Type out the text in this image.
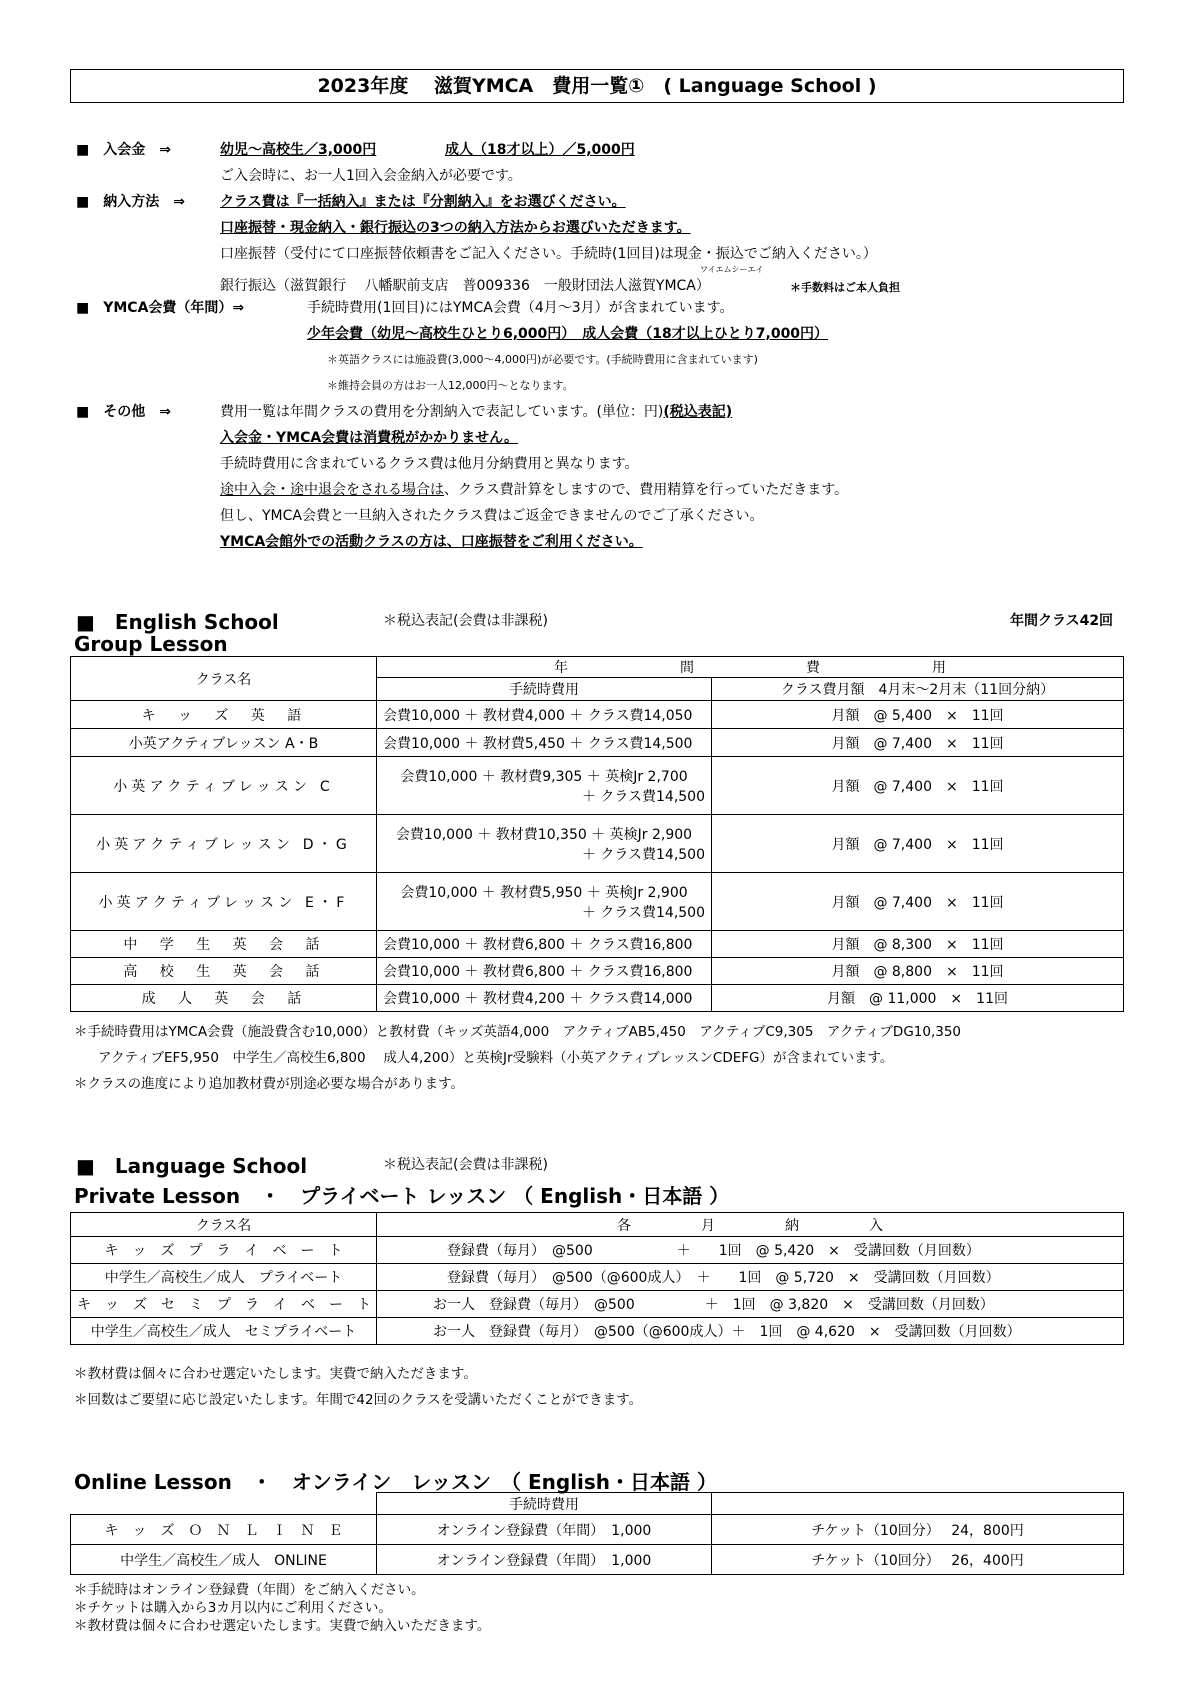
2023年度　 滋賀YMCA　費用一覧①　( Language School )
■　入会金　⇒	幼児～高校生／3,000円	成人（18才以上）／5,000円
ご入会時に、お一人1回入会金納入が必要です。
■　納入方法　⇒	クラス費は『一括納入』または『分割納入』をお選びください。
口座振替・現金納入・銀行振込の3つの納入方法からお選びいただきます。
口座振替（受付にて口座振替依頼書をご記入ください。手続時(1回目)は現金・振込でご納入ください。）
ワイエムシーエイ
銀行振込（滋賀銀行　 八幡駅前支店　普009336　一般財団法人滋賀YMCA）	＊手数料はご本人負担
■　YMCA会費（年間）⇒	手続時費用(1回目)にはYMCA会費（4月～3月）が含まれています。
少年会費（幼児～高校生ひとり6,000円）　成人会費（18才以上ひとり7,000円）
＊英語クラスには施設費(3,000～4,000円)が必要です。(手続時費用に含まれています)
＊維持会員の方はお一人12,000円～となります。
■　その他　⇒	費用一覧は年間クラスの費用を分割納入で表記しています。(単位：円)(税込表記)
入会金・YMCA会費は消費税がかかりません。
手続時費用に含まれているクラス費は他月分納費用と異なります。
途中入会・途中退会をされる場合は、クラス費計算をしますので、費用精算を行っていただきます。
但し、YMCA会費と一旦納入されたクラス費はご返金できませんのでご了承ください。
YMCA会館外での活動クラスの方は、口座振替をご利用ください。
■　English School	＊税込表記(会費は非課税)	年間クラス42回
Group Lesson
クラス名	年　　　　　　　　間　　　　　　　　費　　　　　　　　用	
	手続時費用	クラス費月額　4月末～2月末（11回分納）
キ　ッ　ズ　英　語	会費10,000 ＋ 教材費4,000 ＋ クラス費14,050	月額　@ 5,400　×　11回
小英アクティブレッスン A・B	会費10,000 ＋ 教材費5,450 ＋ クラス費14,500	月額　@ 7,400　×　11回
小英アクティブレッスン C	会費10,000 ＋ 教材費9,305 ＋ 英検Jr 2,700
＋ クラス費14,500	月額　@ 7,400　×　11回
小英アクティブレッスン D・G	会費10,000 ＋ 教材費10,350 ＋ 英検Jr 2,900
＋ クラス費14,500	月額　@ 7,400　×　11回
小英アクティブレッスン E・F	会費10,000 ＋ 教材費5,950 ＋ 英検Jr 2,900
＋ クラス費14,500	月額　@ 7,400　×　11回
中　学　生　英　会　話	会費10,000 ＋ 教材費6,800 ＋ クラス費16,800	月額　@ 8,300　×　11回
高　校　生　英　会　話	会費10,000 ＋ 教材費6,800 ＋ クラス費16,800	月額　@ 8,800　×　11回
成　人　英　会　話	会費10,000 ＋ 教材費4,200 ＋ クラス費14,000	月額　@ 11,000　×　11回
＊手続時費用はYMCA会費（施設費含む10,000）と教材費（キッズ英語4,000　アクティブAB5,450　アクティブC9,305　アクティブDG10,350
アクティブEF5,950　中学生／高校生6,800　 成人4,200）と英検Jr受験料（小英アクティブレッスンCDEFG）が含まれています。
＊クラスの進度により追加教材費が別途必要な場合があります。
■　Language School	＊税込表記(会費は非課税)
Private Lesson　・　プライベート レッスン （ English・日本語 ）
クラス名	各　　　　　月　　　　　納　　　　　入
キ　ッ　ズ　プ　ラ　イ　ベ　ー　ト	登録費（毎月）　@500　　　　　　＋　　1回　@ 5,420　×　受講回数（月回数）
中学生／高校生／成人　プライベート	登録費（毎月）　@500（@600成人）　＋　　1回　@ 5,720　×　受講回数（月回数）
キ　ッ　ズ　セ　ミ　プ　ラ　イ　ベ　ー　ト	お一人　登録費（毎月）　@500　　　　　＋　1回　@ 3,820　×　受講回数（月回数）
中学生／高校生／成人　セミプライベート	お一人　登録費（毎月）　@500（@600成人）＋　1回　@ 4,620　×　受講回数（月回数）
＊教材費は個々に合わせ選定いたします。実費で納入ただきます。
＊回数はご要望に応じ設定いたします。年間で42回のクラスを受講いただくことができます。
Online Lesson　・　オンライン　レッスン　（ English・日本語 ）
	手続時費用	
キ　ッ　ズ　Ｏ　Ｎ　Ｌ　Ｉ　Ｎ　Ｅ	オンライン登録費（年間）　1,000	チケット（10回分）　 24，800円
中学生／高校生／成人　ONLINE	オンライン登録費（年間）　1,000	チケット（10回分）　 26，400円
＊手続時はオンライン登録費（年間）をご納入ください。
＊チケットは購入から3カ月以内にご利用ください。
＊教材費は個々に合わせ選定いたします。実費で納入いただきます。
